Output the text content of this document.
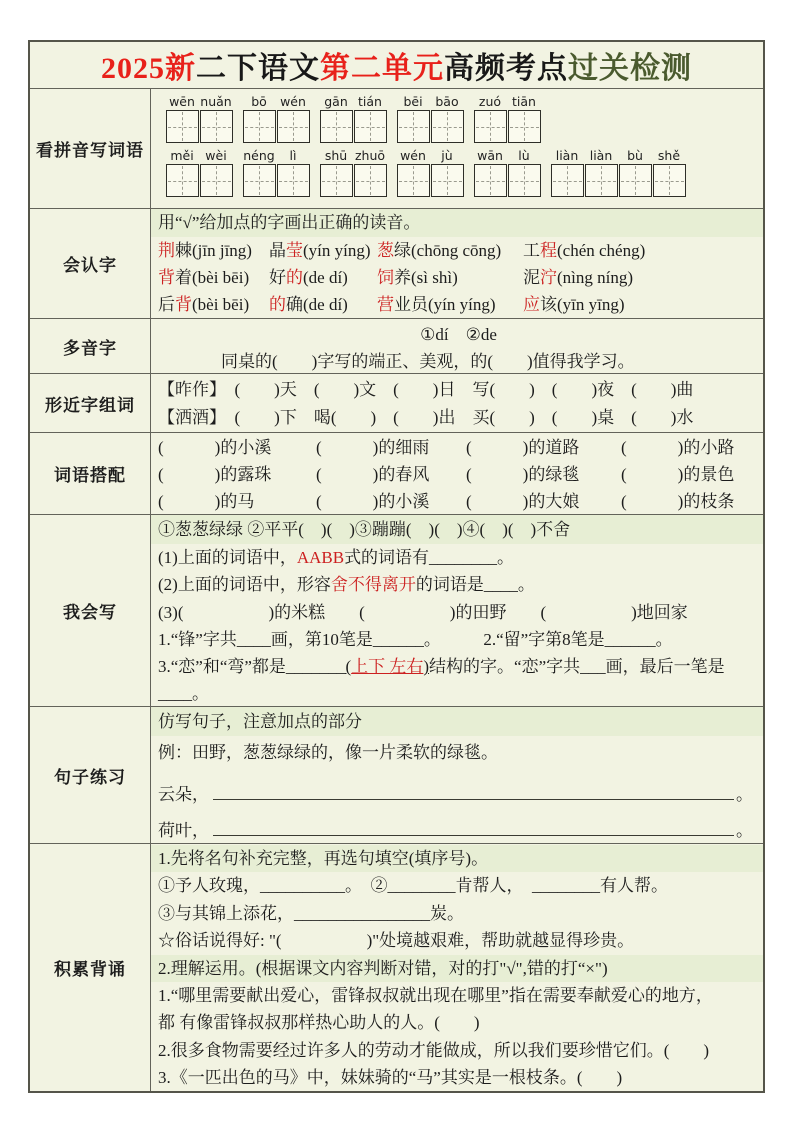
2025新二下语文第二单元高频考点过关检测
看拼音写词语
wēn nuǎn bō wén gān tián bēi bāo zuó tiān
měi wèi néng lì shū zhuō wén jù wān lù liàn liàn bù shě
会认字
用“√”给加点的字画出正确的读音。
荆棘(jīn jīng)	晶莹(yín yíng) 葱绿(chōng cōng)	工程(chén chéng)
背着(bèi bēi)	好的(de dí)	饲养(sì shì)	泥泞(nìng níng)
后背(bèi bēi)	的确(de dí)	营业员(yín yíng)	应该(yīn yīng)
多音字
①dí　②de
同桌的(　　)字写的端正、美观，的(　　)值得我学习。
形近字组词
【昨作】　(　　)天　(　　)文　(　　)日　写(　　)　(　　)夜　(　　)曲
【洒酒】　(　　)下　喝(　　)　(　　)出　买(　　)　(　　)桌　(　　)水
词语搭配
(　　　)的小溪	(　　　)的细雨	(　　　)的道路	(　　　)的小路
(　　　)的露珠	(　　　)的春风	(　　　)的绿毯	(　　　)的景色
(　　　)的马	(　　　)的小溪	(　　　)的大娘	(　　　)的枝条
我会写
①葱葱绿绿 ②平平(　)(　)③蹦蹦(　)(　)④(　)(　)不舍
(1)上面的词语中，AABB式的词语有________。
(2)上面的词语中，形容舍不得离开的词语是____。
(3)(　　　　　)的米糕　　(　　　　　)的田野　　(　　　　　)地回家
1.“锋”字共____画，第10笔是______。　　　2.“留”字第8笔是______。
3.“恋”和“弯”都是_______(上下 左右)结构的字。“恋”字共___画，最后一笔是____。
句子练习
仿写句子，注意加点的部分
例：田野，葱葱绿绿的，像一片柔软的绿毯。
云朵，	。
荷叶，	。
积累背诵
1.先将名句补充完整，再选句填空(填序号)。
①予人玫瑰，__________。　②________肯帮人，　________有人帮。
③与其锦上添花，________________炭。
☆俗话说得好: "(　　　　　)"处境越艰难，帮助就越显得珍贵。
2.理解运用。(根据课文内容判断对错，对的打"√",错的打“×")
1.“哪里需要献出爱心，雷锋叔叔就出现在哪里”指在需要奉献爱心的地方，
都 有像雷锋叔叔那样热心助人的人。(　　)
2.很多食物需要经过许多人的劳动才能做成，所以我们要珍惜它们。(　　)
3.《一匹出色的马》中，妹妹骑的“马”其实是一根枝条。(　　)
